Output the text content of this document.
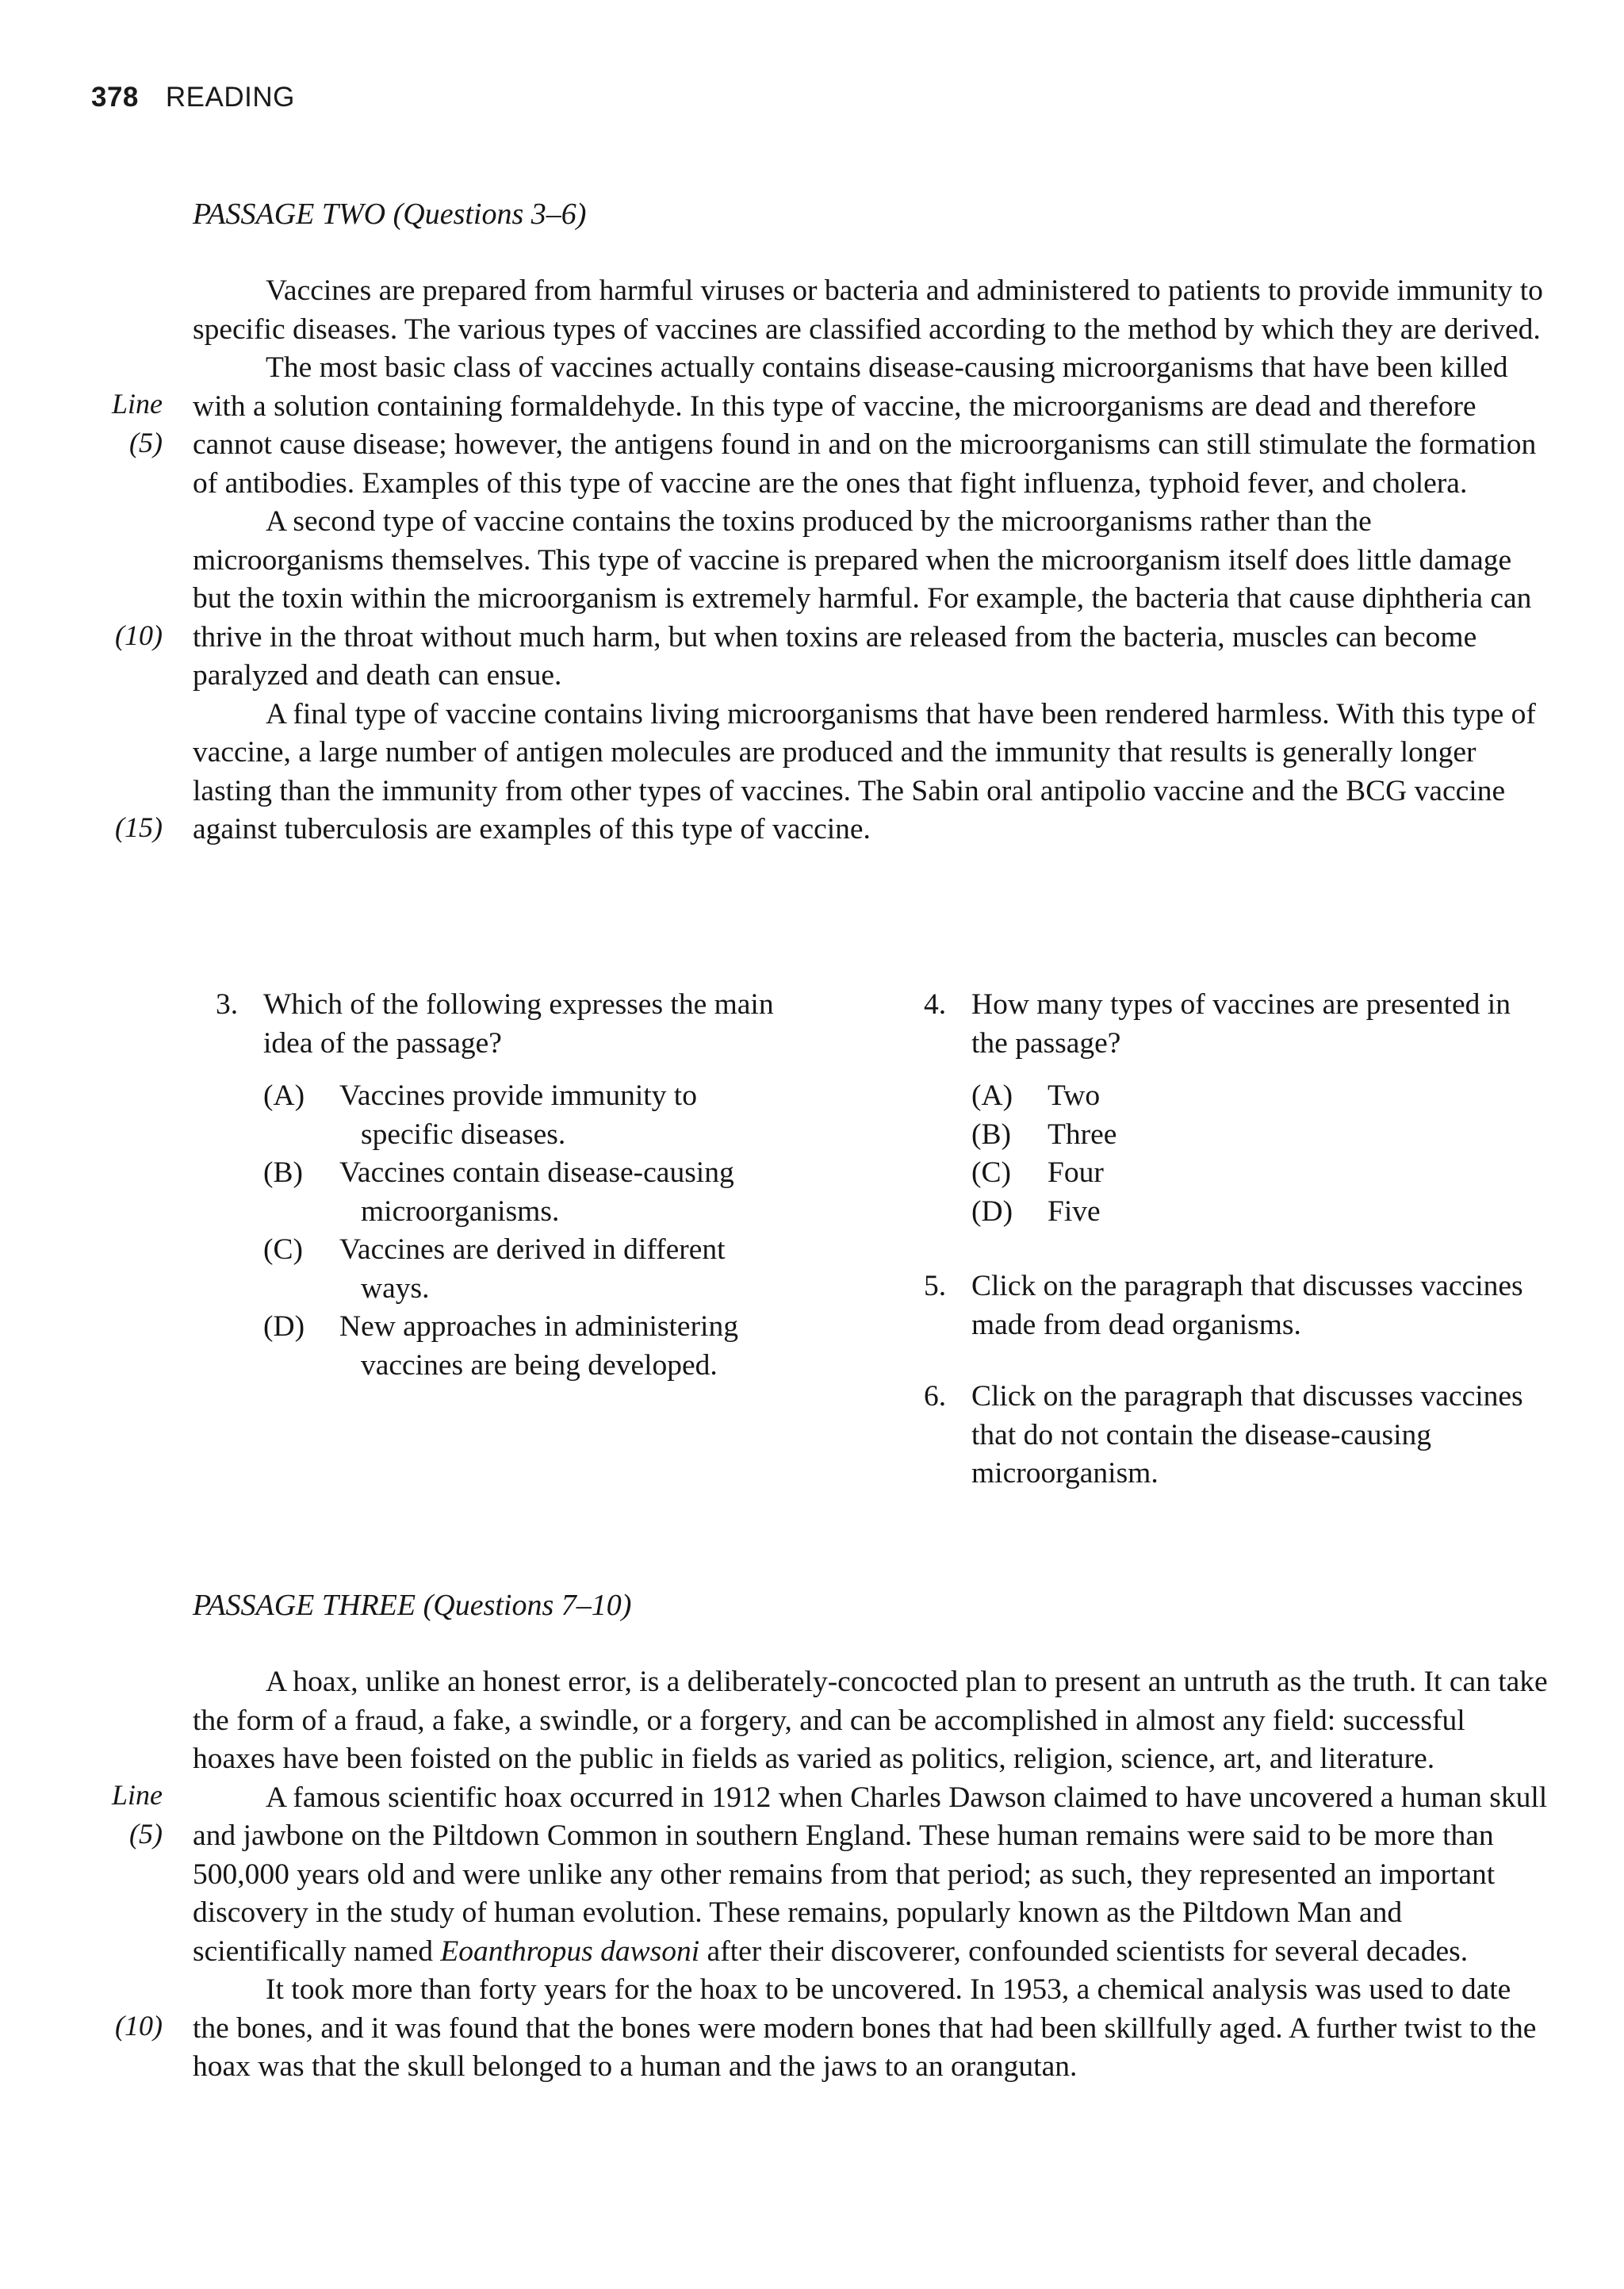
378 READING
PASSAGE TWO (Questions 3–6)
Line
(5)
(10)
(15)

Vaccines are prepared from harmful viruses or bacteria and administered to patients to provide immunity to specific diseases. The various types of vaccines are classified according to the method by which they are derived.

The most basic class of vaccines actually contains disease-causing microorganisms that have been killed with a solution containing formaldehyde. In this type of vaccine, the microorganisms are dead and therefore cannot cause disease; however, the antigens found in and on the microorganisms can still stimulate the formation of antibodies. Examples of this type of vaccine are the ones that fight influenza, typhoid fever, and cholera.

A second type of vaccine contains the toxins produced by the microorganisms rather than the microorganisms themselves. This type of vaccine is prepared when the microorganism itself does little damage but the toxin within the microorganism is extremely harmful. For example, the bacteria that cause diphtheria can thrive in the throat without much harm, but when toxins are released from the bacteria, muscles can become paralyzed and death can ensue.

A final type of vaccine contains living microorganisms that have been rendered harmless. With this type of vaccine, a large number of antigen molecules are produced and the immunity that results is generally longer lasting than the immunity from other types of vaccines. The Sabin oral antipolio vaccine and the BCG vaccine against tuberculosis are examples of this type of vaccine.

3. Which of the following expresses the main idea of the passage?
(A)	Vaccines provide immunity to
specific diseases.
(B)	Vaccines contain disease-causing
microorganisms.
(C)	Vaccines are derived in different
ways.
(D)	New approaches in administering
vaccines are being developed.
4. How many types of vaccines are presented in the passage?
(A)	Two
(B)	Three
(C)	Four
(D)	Five
5. Click on the paragraph that discusses vaccines made from dead organisms.
6. Click on the paragraph that discusses vaccines that do not contain the disease-causing microorganism.
PASSAGE THREE (Questions 7–10)
Line
(5)
(10)

A hoax, unlike an honest error, is a deliberately-concocted plan to present an untruth as the truth. It can take the form of a fraud, a fake, a swindle, or a forgery, and can be accomplished in almost any field: successful hoaxes have been foisted on the public in fields as varied as politics, religion, science, art, and literature.

A famous scientific hoax occurred in 1912 when Charles Dawson claimed to have uncovered a human skull and jawbone on the Piltdown Common in southern England. These human remains were said to be more than 500,000 years old and were unlike any other remains from that period; as such, they represented an important discovery in the study of human evolution. These remains, popularly known as the Piltdown Man and scientifically named Eoanthropus dawsoni after their discoverer, confounded scientists for several decades.

It took more than forty years for the hoax to be uncovered. In 1953, a chemical analysis was used to date the bones, and it was found that the bones were modern bones that had been skillfully aged. A further twist to the hoax was that the skull belonged to a human and the jaws to an orangutan.
